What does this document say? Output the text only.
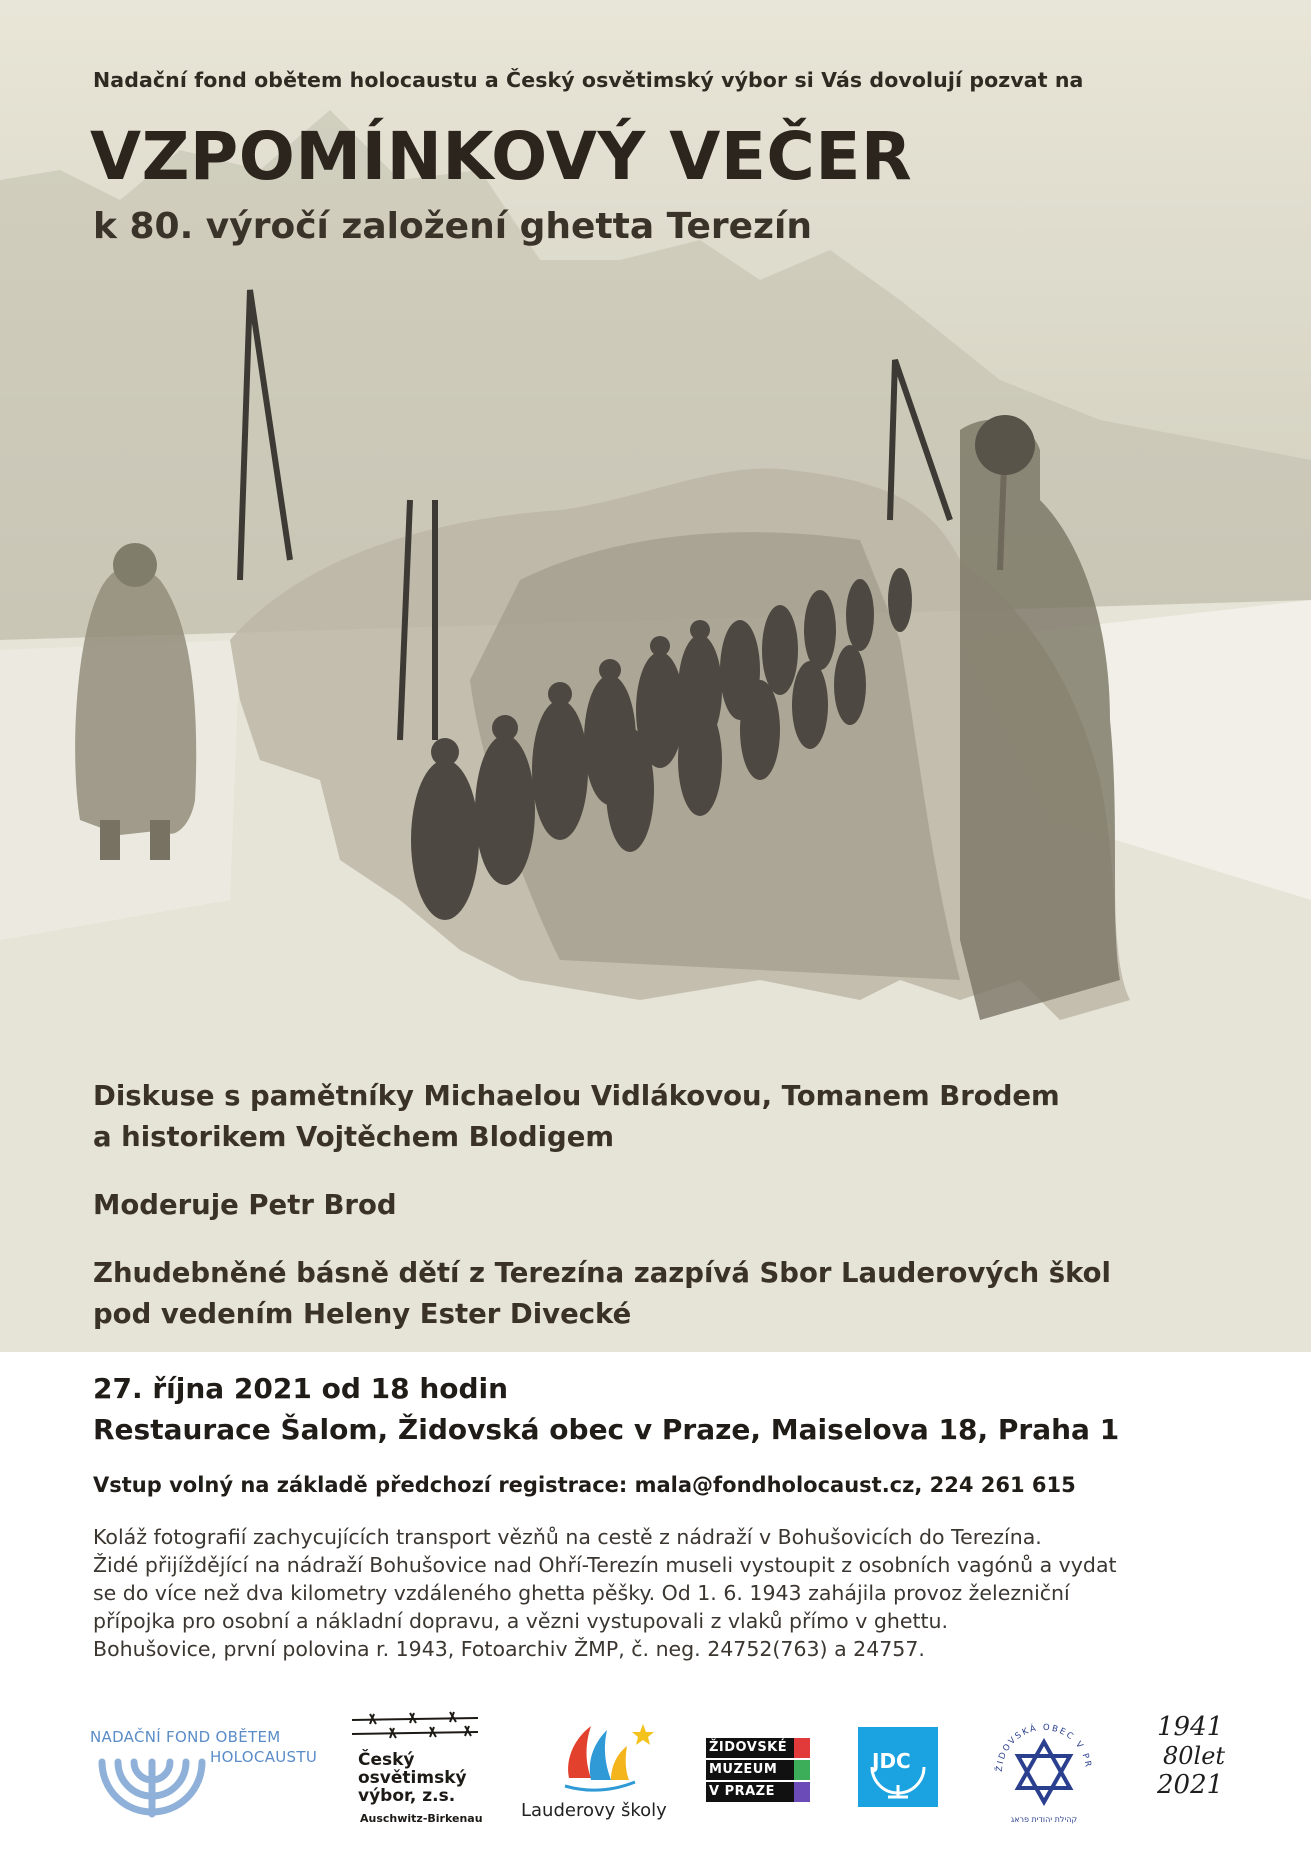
Nadační fond obětem holocaustu a Český osvětimský výbor si Vás dovolují pozvat na
VZPOMÍNKOVÝ VEČER
k 80. výročí založení ghetta Terezín
Diskuse s pamětníky Michaelou Vidlákovou, Tomanem Brodem
a historikem Vojtěchem Blodigem
Moderuje Petr Brod
Zhudebněné básně dětí z Terezína zazpívá Sbor Lauderových škol
pod vedením Heleny Ester Divecké
27. října 2021 od 18 hodin
Restaurace Šalom, Židovská obec v Praze, Maiselova 18, Praha 1
Vstup volný na základě předchozí registrace: mala@fondholocaust.cz, 224 261 615
Koláž fotografií zachycujících transport vězňů na cestě z nádraží v Bohušovicích do Terezína.
Židé přijíždějící na nádraží Bohušovice nad Ohří-Terezín museli vystoupit z osobních vagónů a vydat
se do více než dva kilometry vzdáleného ghetta pěšky. Od 1. 6. 1943 zahájila provoz železniční
přípojka pro osobní a nákladní dopravu, a vězni vystupovali z vlaků přímo v ghettu.
Bohušovice, první polovina r. 1943, Fotoarchiv ŽMP, č. neg. 24752(763) a 24757.
NADAČNÍ FOND OBĚTEM
HOLOCAUSTU Český
osvětimský
výbor, z.s.
Auschwitz-Birkenau Lauderovy školy
ŽIDOVSKÉ
MUZEUM
V PRAZE
JDC	ŽIDOVSKÁ OBEC V PR
קהילת יהודית פראג
1941
80let
2021
